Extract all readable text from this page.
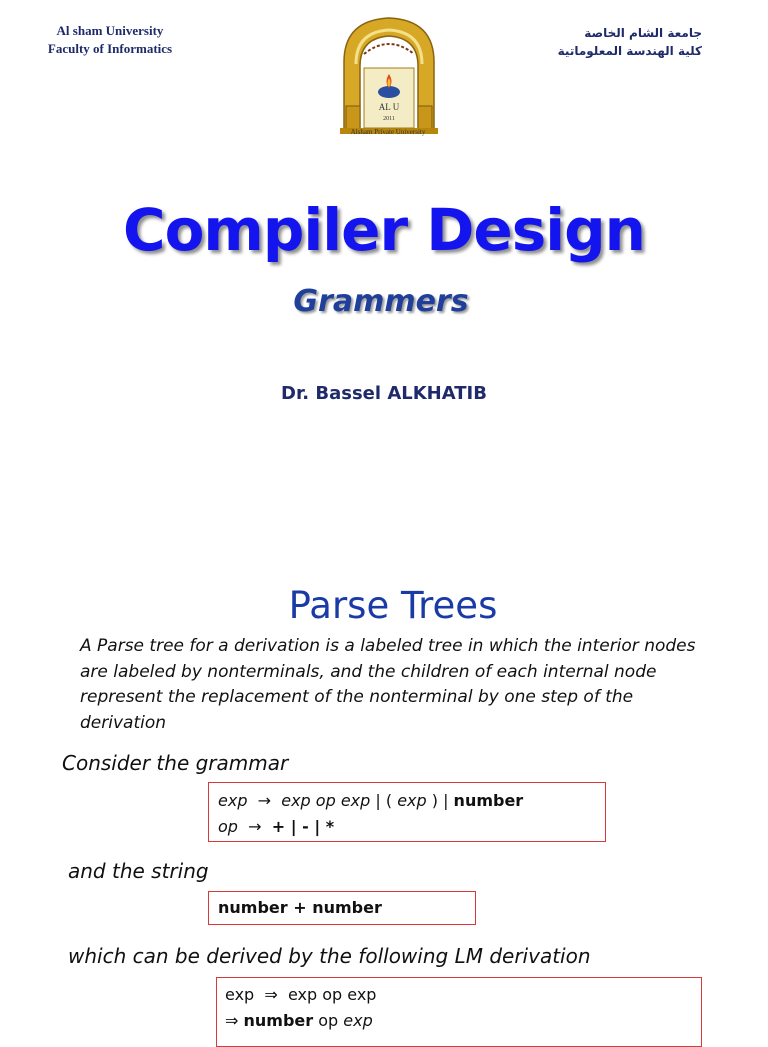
Al sham University
Faculty of Informatics
AL U
2011
Alsham Private University
جامعة الشام الخاصة
كلية الهندسة المعلوماتية
Compiler Design
Grammers
Dr. Bassel ALKHATIB
Parse Trees
A Parse tree for a derivation is a labeled tree in which the interior nodes
are labeled by nonterminals, and the children of each internal node
represent the replacement of the nonterminal by one step of the
derivation
Consider the grammar
exp  →  exp op exp | ( exp ) | number
op  →  + | - | *
and the string
number + number
which can be derived by the following LM derivation
exp  ⇒  exp op exp
⇒ number op exp
